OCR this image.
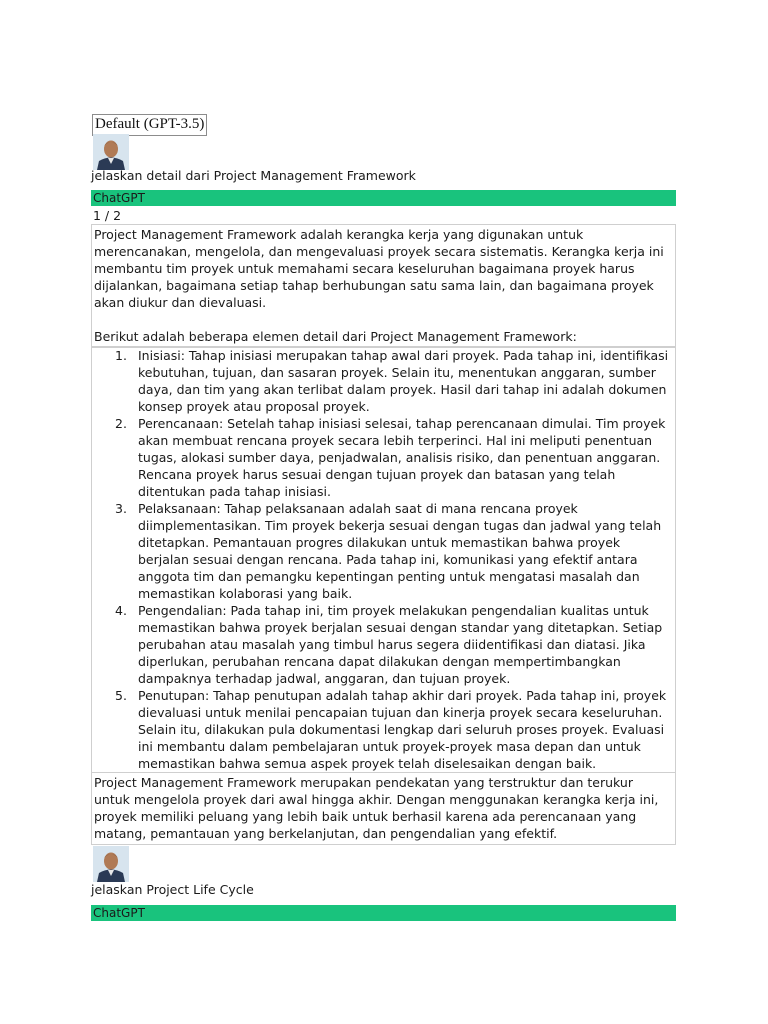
Default (GPT-3.5)
jelaskan detail dari Project Management Framework
ChatGPT
1 / 2

Project Management Framework adalah kerangka kerja yang digunakan untuk merencanakan, mengelola, dan mengevaluasi proyek secara sistematis. Kerangka kerja ini membantu tim proyek untuk memahami secara keseluruhan bagaimana proyek harus dijalankan, bagaimana setiap tahap berhubungan satu sama lain, dan bagaimana proyek akan diukur dan dievaluasi.

Berikut adalah beberapa elemen detail dari Project Management Framework:

1. Inisiasi: Tahap inisiasi merupakan tahap awal dari proyek. Pada tahap ini, identifikasi kebutuhan, tujuan, dan sasaran proyek. Selain itu, menentukan anggaran, sumber daya, dan tim yang akan terlibat dalam proyek. Hasil dari tahap ini adalah dokumen konsep proyek atau proposal proyek.
2. Perencanaan: Setelah tahap inisiasi selesai, tahap perencanaan dimulai. Tim proyek akan membuat rencana proyek secara lebih terperinci. Hal ini meliputi penentuan tugas, alokasi sumber daya, penjadwalan, analisis risiko, dan penentuan anggaran. Rencana proyek harus sesuai dengan tujuan proyek dan batasan yang telah ditentukan pada tahap inisiasi.
3. Pelaksanaan: Tahap pelaksanaan adalah saat di mana rencana proyek diimplementasikan. Tim proyek bekerja sesuai dengan tugas dan jadwal yang telah ditetapkan. Pemantauan progres dilakukan untuk memastikan bahwa proyek berjalan sesuai dengan rencana. Pada tahap ini, komunikasi yang efektif antara anggota tim dan pemangku kepentingan penting untuk mengatasi masalah dan memastikan kolaborasi yang baik.
4. Pengendalian: Pada tahap ini, tim proyek melakukan pengendalian kualitas untuk memastikan bahwa proyek berjalan sesuai dengan standar yang ditetapkan. Setiap perubahan atau masalah yang timbul harus segera diidentifikasi dan diatasi. Jika diperlukan, perubahan rencana dapat dilakukan dengan mempertimbangkan dampaknya terhadap jadwal, anggaran, dan tujuan proyek.
5. Penutupan: Tahap penutupan adalah tahap akhir dari proyek. Pada tahap ini, proyek dievaluasi untuk menilai pencapaian tujuan dan kinerja proyek secara keseluruhan. Selain itu, dilakukan pula dokumentasi lengkap dari seluruh proses proyek. Evaluasi ini membantu dalam pembelajaran untuk proyek-proyek masa depan dan untuk memastikan bahwa semua aspek proyek telah diselesaikan dengan baik.

Project Management Framework merupakan pendekatan yang terstruktur dan terukur untuk mengelola proyek dari awal hingga akhir. Dengan menggunakan kerangka kerja ini, proyek memiliki peluang yang lebih baik untuk berhasil karena ada perencanaan yang matang, pemantauan yang berkelanjutan, dan pengendalian yang efektif.

jelaskan Project Life Cycle
ChatGPT
